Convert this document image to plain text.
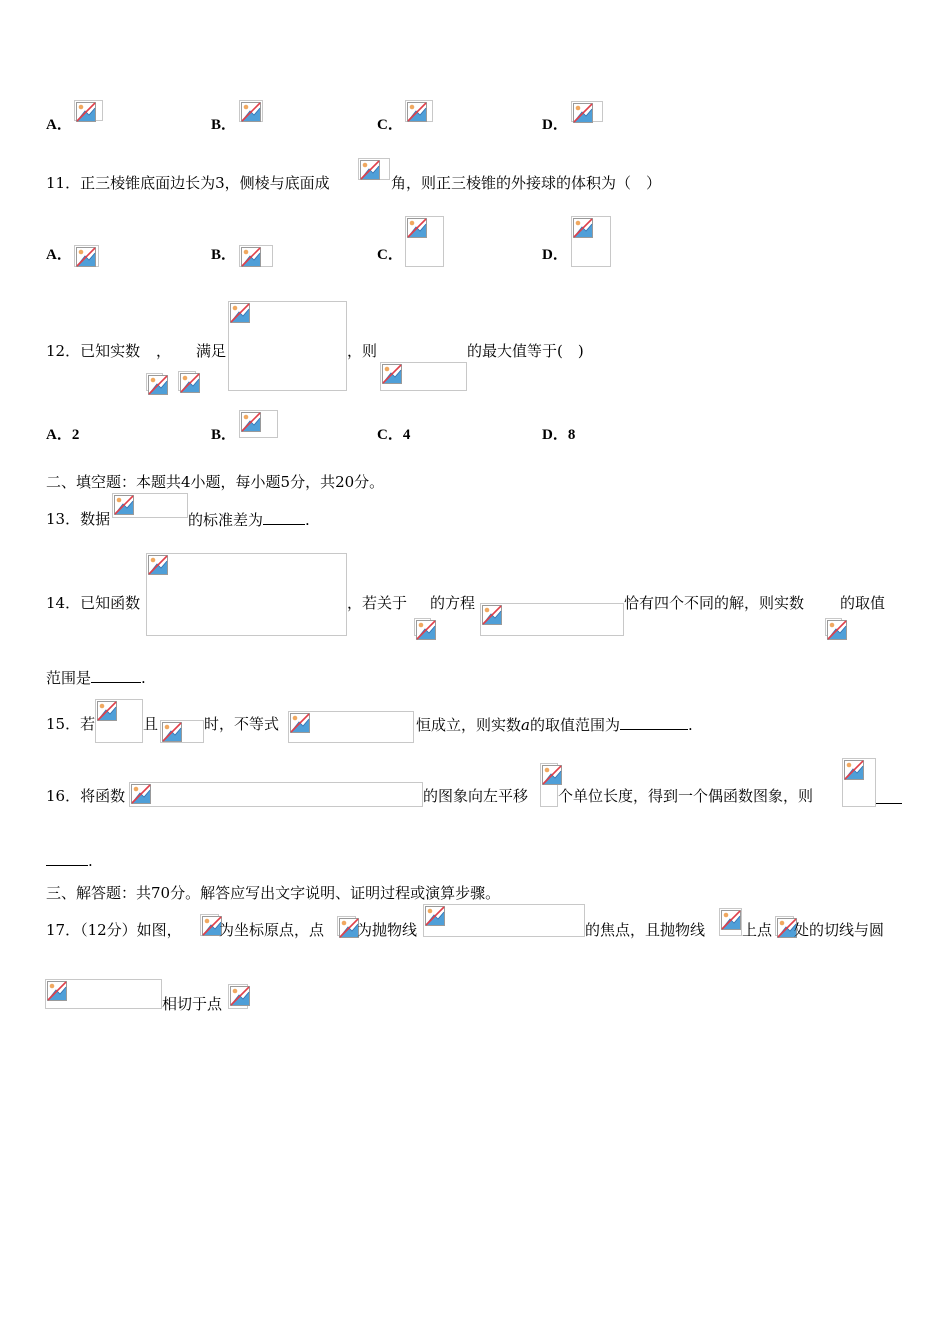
A．	B．	C．	D．
11．正三棱锥底面边长为3，侧棱与底面成	角，则正三棱锥的外接球的体积为（　）
A．	B．	C．	D．
12．已知实数 ， 满足	，则	的最大值等于(　)
A．2	B．	C．4	D．8
二、填空题：本题共4小题，每小题5分，共20分。
13．数据	的标准差为	.
14．已知函数	，若关于 的方程	恰有四个不同的解，则实数 的取值
范围是	.
15．若	且	时，不等式	恒成立，则实数a的取值范围为	.
16．将函数	的图象向左平移 个单位长度，得到一个偶函数图象，则
.
三、解答题：共70分。解答应写出文字说明、证明过程或演算步骤。
17．（12分）如图， 为坐标原点，点 为抛物线	的焦点，且抛物线 上点 处的切线与圆
相切于点
